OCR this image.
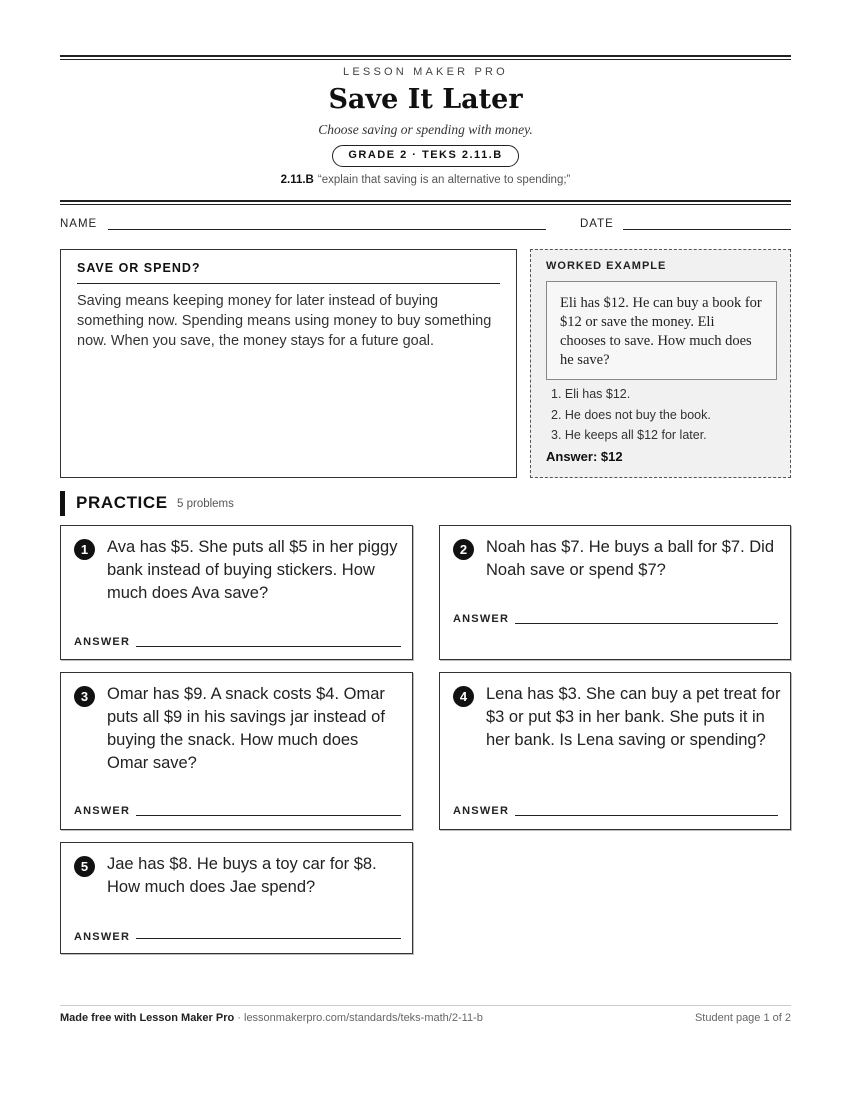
LESSON MAKER PRO
Save It Later
Choose saving or spending with money.
GRADE 2 · TEKS 2.11.B
2.11.B “explain that saving is an alternative to spending;”
NAME	DATE
SAVE OR SPEND?
Saving means keeping money for later instead of buying something now. Spending means using money to buy something now. When you save, the money stays for a future goal.
WORKED EXAMPLE
Eli has $12. He can buy a book for $12 or save the money. Eli chooses to save. How much does he save?
1. Eli has $12.
2. He does not buy the book.
3. He keeps all $12 for later.
Answer: $12
PRACTICE 5 problems
1	Ava has $5. She puts all $5 in her piggy bank instead of buying stickers. How much does Ava save?
ANSWER
2	Noah has $7. He buys a ball for $7. Did Noah save or spend $7?
ANSWER
3	Omar has $9. A snack costs $4. Omar puts all $9 in his savings jar instead of buying the snack. How much does Omar save?
ANSWER
4	Lena has $3. She can buy a pet treat for $3 or put $3 in her bank. She puts it in her bank. Is Lena saving or spending?
ANSWER
5	Jae has $8. He buys a toy car for $8. How much does Jae spend?
ANSWER
Made free with Lesson Maker Pro · lessonmakerpro.com/standards/teks-math/2-11-b	Student page 1 of 2
